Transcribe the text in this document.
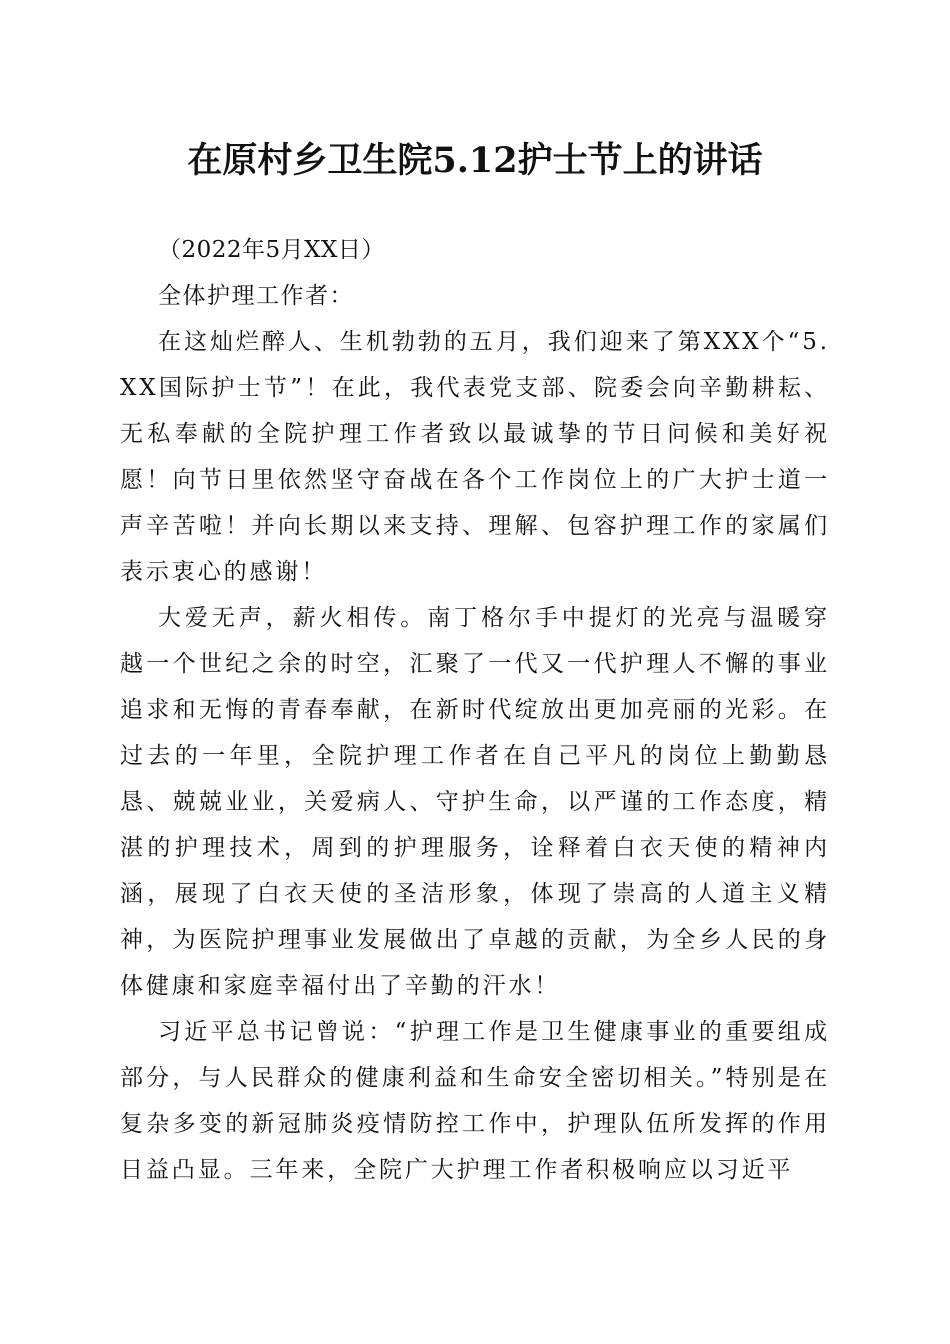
在原村乡卫生院5.12护士节上的讲话

（2022年5月XX日）

全体护理工作者：

在这灿烂醉人、生机勃勃的五月，我们迎来了第XXX个“5.XX国际护士节”！在此，我代表党支部、院委会向辛勤耕耘、无私奉献的全院护理工作者致以最诚挚的节日问候和美好祝愿！向节日里依然坚守奋战在各个工作岗位上的广大护士道一声辛苦啦！并向长期以来支持、理解、包容护理工作的家属们表示衷心的感谢！

大爱无声，薪火相传。南丁格尔手中提灯的光亮与温暖穿越一个世纪之余的时空，汇聚了一代又一代护理人不懈的事业追求和无悔的青春奉献，在新时代绽放出更加亮丽的光彩。在过去的一年里，全院护理工作者在自己平凡的岗位上勤勤恳恳、兢兢业业，关爱病人、守护生命，以严谨的工作态度，精湛的护理技术，周到的护理服务，诠释着白衣天使的精神内涵，展现了白衣天使的圣洁形象，体现了崇高的人道主义精神，为医院护理事业发展做出了卓越的贡献，为全乡人民的身体健康和家庭幸福付出了辛勤的汗水！

习近平总书记曾说：“护理工作是卫生健康事业的重要组成部分，与人民群众的健康利益和生命安全密切相关。”特别是在复杂多变的新冠肺炎疫情防控工作中，护理队伍所发挥的作用日益凸显。三年来，全院广大护理工作者积极响应以习近平
